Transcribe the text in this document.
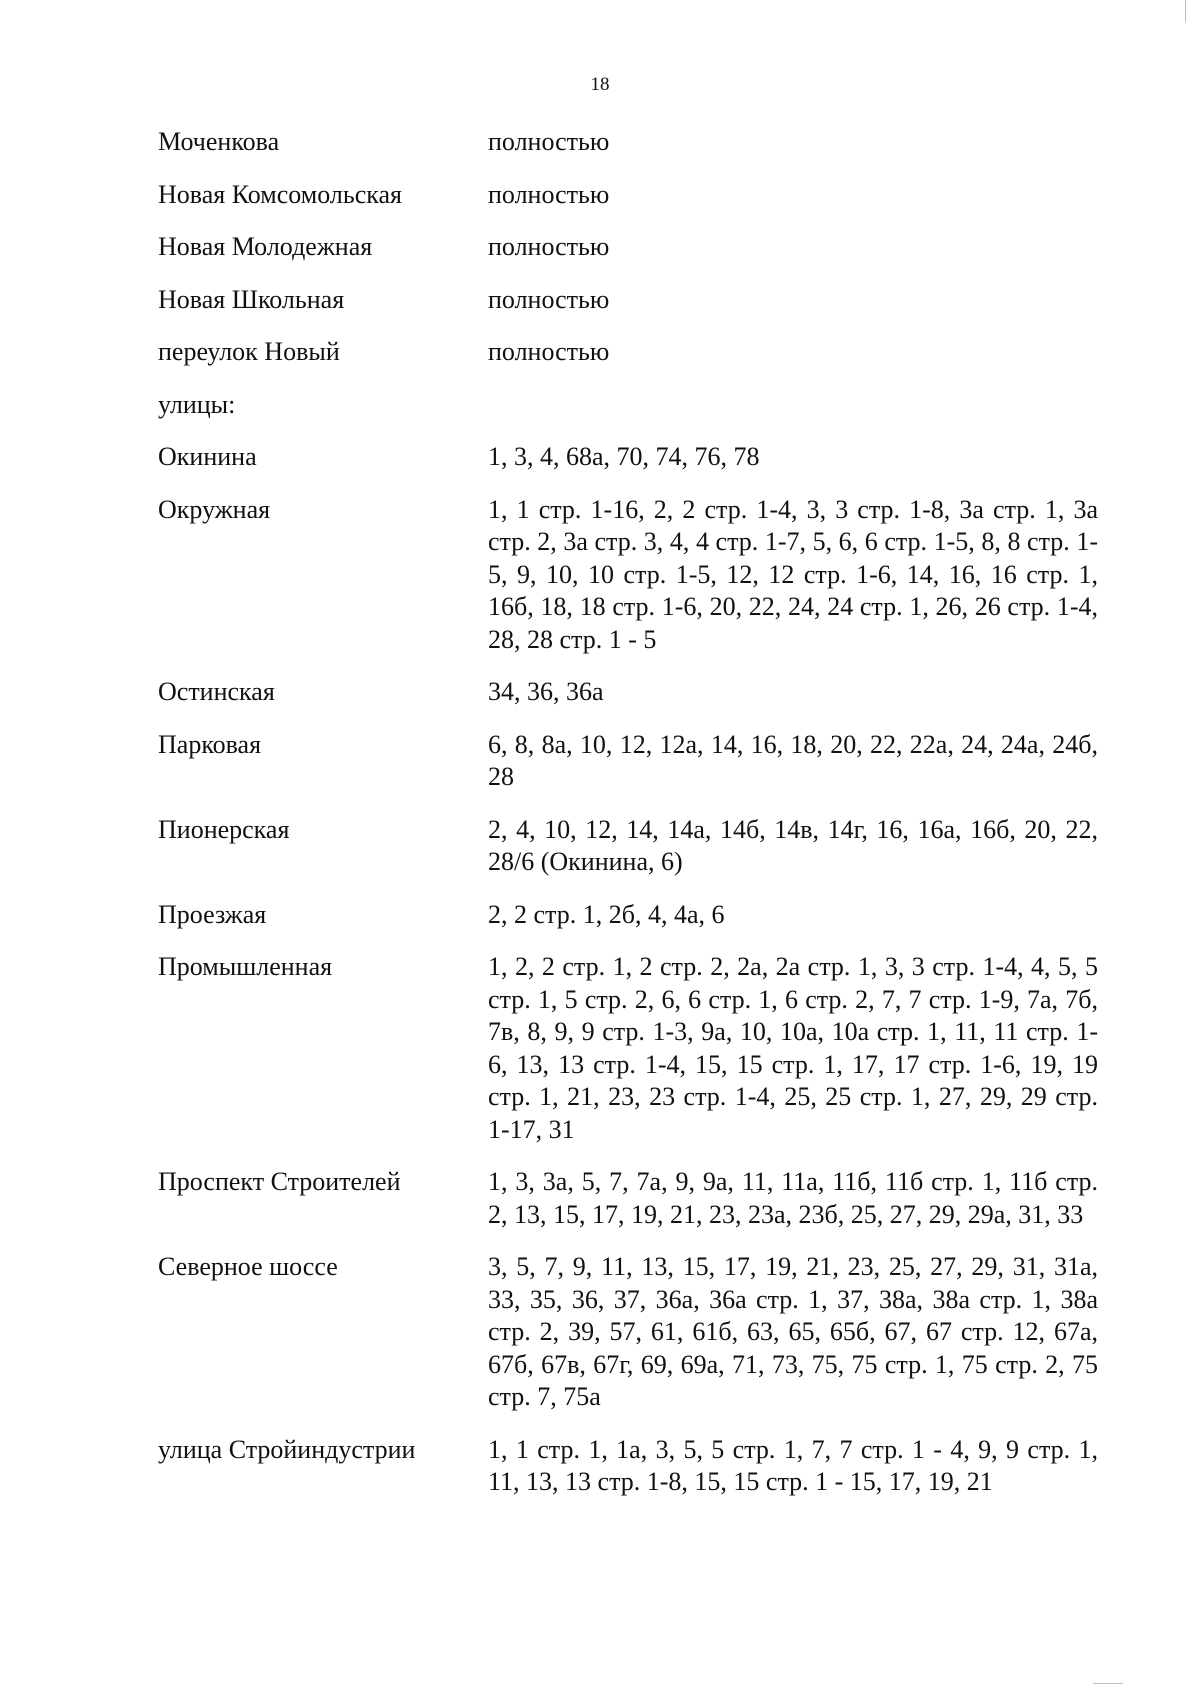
18
Моченкова	полностью
Новая Комсомольская	полностью
Новая Молодежная	полностью
Новая Школьная	полностью
переулок Новый	полностью
улицы:
Окинина	1, 3, 4, 68а, 70, 74, 76, 78
Окружная	1, 1 стр. 1-16, 2, 2 стр. 1-4, 3, 3 стр. 1-8, 3а стр. 1, 3а стр. 2, 3а стр. 3, 4, 4 стр. 1-7, 5, 6, 6 стр. 1-5, 8, 8 стр. 1-5, 9, 10, 10 стр. 1-5, 12, 12 стр. 1-6, 14, 16, 16 стр. 1, 16б, 18, 18 стр. 1-6, 20, 22, 24, 24 стр. 1, 26, 26 стр. 1-4, 28, 28 стр. 1 - 5
Остинская	34, 36, 36а
Парковая	6, 8, 8а, 10, 12, 12а, 14, 16, 18, 20, 22, 22а, 24, 24а, 24б, 28
Пионерская	2, 4, 10, 12, 14, 14а, 14б, 14в, 14г, 16, 16а, 16б, 20, 22, 28/6 (Окинина, 6)
Проезжая	2, 2 стр. 1, 2б, 4, 4а, 6
Промышленная	1, 2, 2 стр. 1, 2 стр. 2, 2а, 2а стр. 1, 3, 3 стр. 1-4, 4, 5, 5 стр. 1, 5 стр. 2, 6, 6 стр. 1, 6 стр. 2, 7, 7 стр. 1-9, 7а, 7б, 7в, 8, 9, 9 стр. 1-3, 9а, 10, 10а, 10а стр. 1, 11, 11 стр. 1-6, 13, 13 стр. 1-4, 15, 15 стр. 1, 17, 17 стр. 1-6, 19, 19 стр. 1, 21, 23, 23 стр. 1-4, 25, 25 стр. 1, 27, 29, 29 стр. 1-17, 31
Проспект Строителей	1, 3, 3а, 5, 7, 7а, 9, 9а, 11, 11а, 11б, 11б стр. 1, 11б стр. 2, 13, 15, 17, 19, 21, 23, 23а, 23б, 25, 27, 29, 29а, 31, 33
Северное шоссе	3, 5, 7, 9, 11, 13, 15, 17, 19, 21, 23, 25, 27, 29, 31, 31а, 33, 35, 36, 37, 36а, 36а стр. 1, 37, 38а, 38а стр. 1, 38а стр. 2, 39, 57, 61, 61б, 63, 65, 65б, 67, 67 стр. 12, 67а, 67б, 67в, 67г, 69, 69а, 71, 73, 75, 75 стр. 1, 75 стр. 2, 75 стр. 7, 75а
улица Стройиндустрии	1, 1 стр. 1, 1а, 3, 5, 5 стр. 1, 7, 7 стр. 1 - 4, 9, 9 стр. 1, 11, 13, 13 стр. 1-8, 15, 15 стр. 1 - 15, 17, 19, 21
